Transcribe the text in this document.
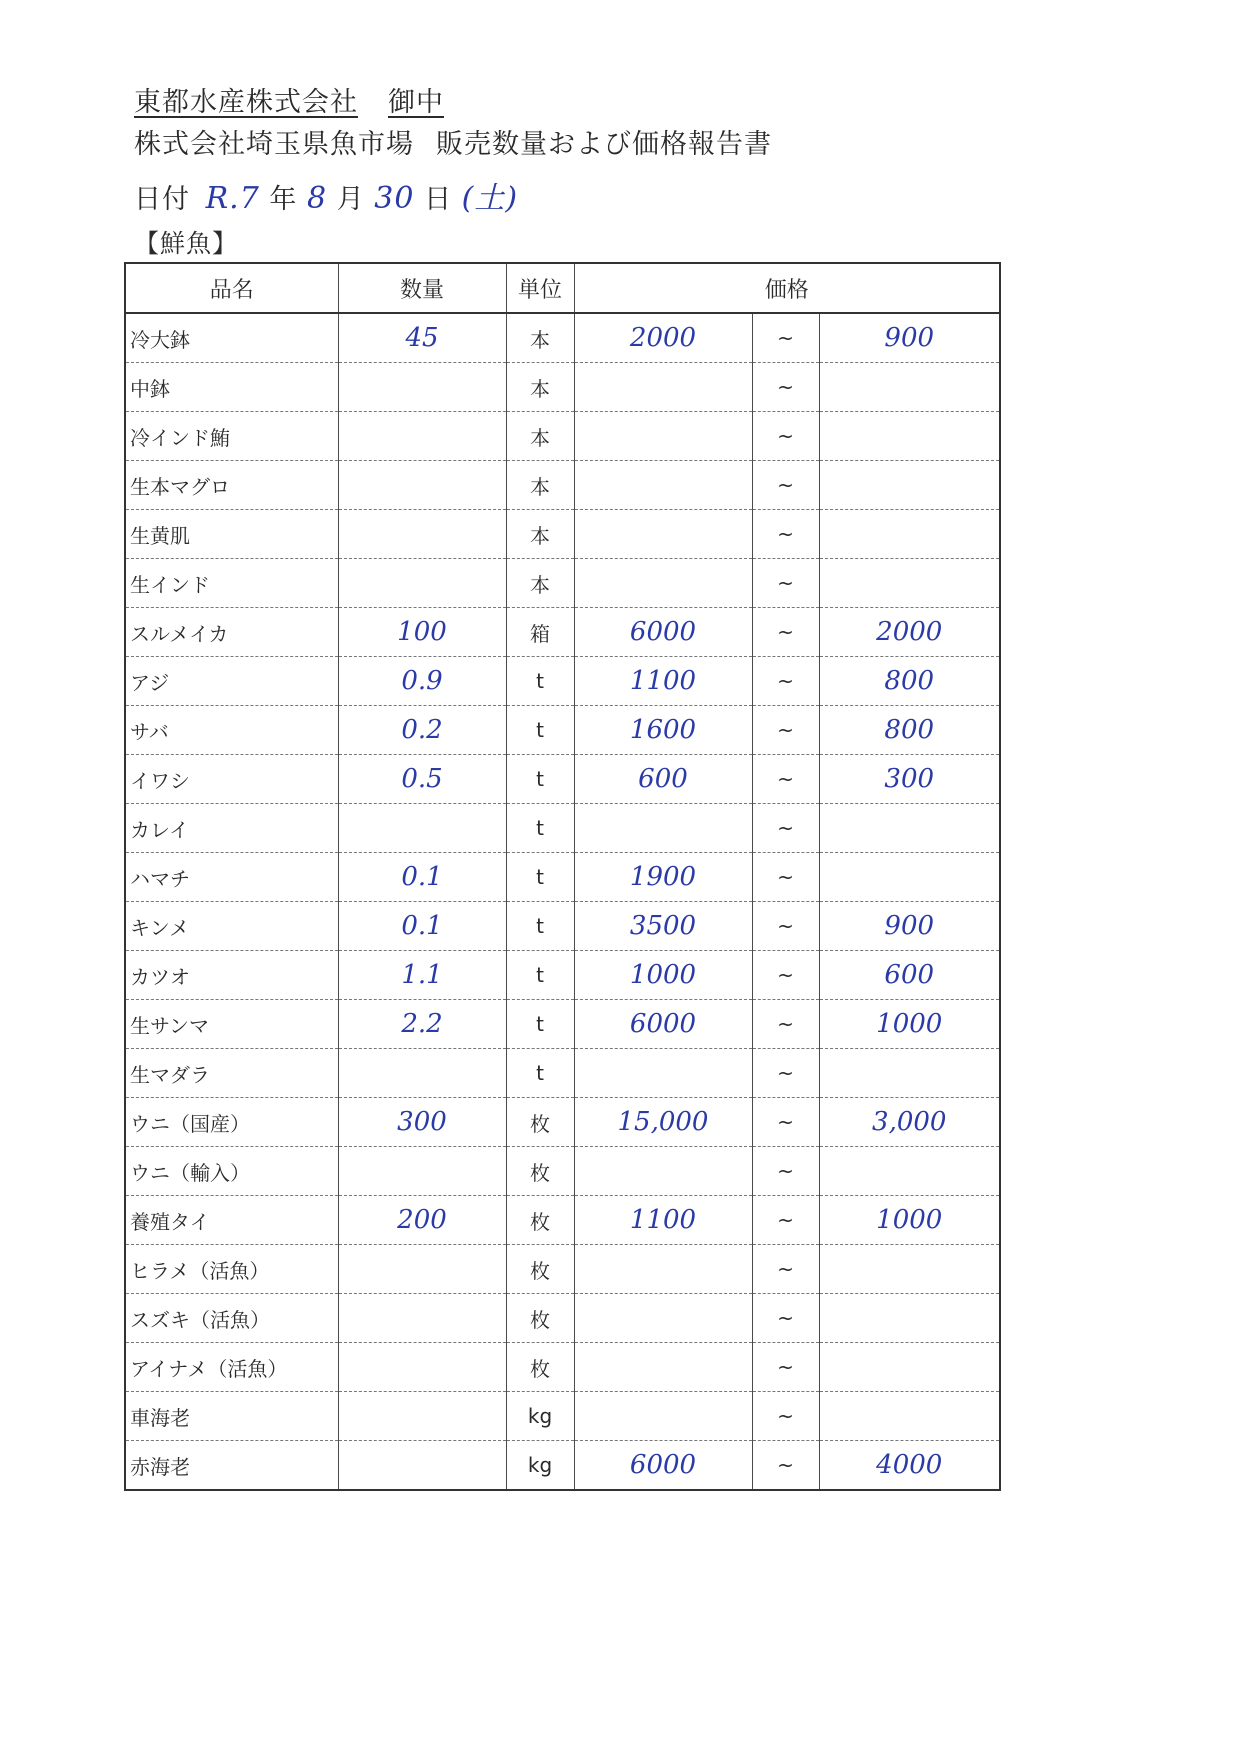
東都水産株式会社 御中
株式会社埼玉県魚市場 販売数量および価格報告書
日付 R.7 年 8 月 30 日 (土)
【鮮魚】
品名	数量	単位	価格		
冷大鉢	45	本	2000	~	900
中鉢		本		~	
冷インド鮪		本		~	
生本マグロ		本		~	
生黄肌		本		~	
生インド		本		~	
スルメイカ	100	箱	6000	~	2000
アジ	0.9	t	1100	~	800
サバ	0.2	t	1600	~	800
イワシ	0.5	t	600	~	300
カレイ		t		~	
ハマチ	0.1	t	1900	~	
キンメ	0.1	t	3500	~	900
カツオ	1.1	t	1000	~	600
生サンマ	2.2	t	6000	~	1000
生マダラ		t		~	
ウニ（国産）	300	枚	15,000	~	3,000
ウニ（輸入）		枚		~	
養殖タイ	200	枚	1100	~	1000
ヒラメ（活魚）		枚		~	
スズキ（活魚）		枚		~	
アイナメ（活魚）		枚		~	
車海老		kg		~	
赤海老		kg	6000	~	4000
